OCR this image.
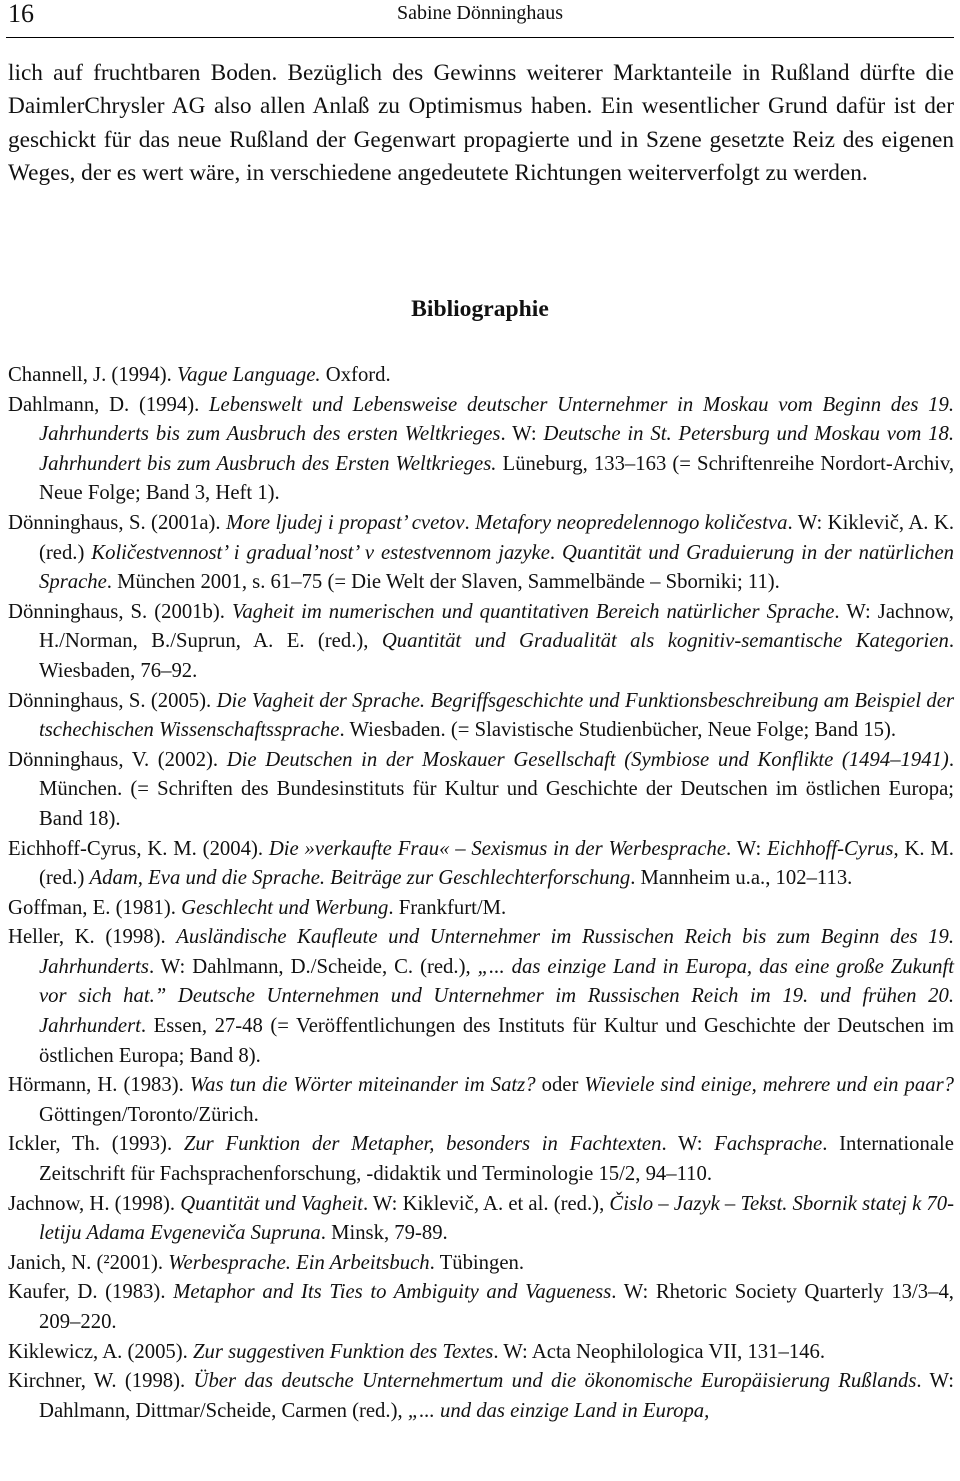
16	Sabine Dönninghaus

lich auf fruchtbaren Boden. Bezüglich des Gewinns weiterer Marktanteile in Rußland dürfte die DaimlerChrysler AG also allen Anlaß zu Optimismus haben. Ein wesentlicher Grund dafür ist der geschickt für das neue Rußland der Gegenwart propagierte und in Szene gesetzte Reiz des eigenen Weges, der es wert wäre, in verschiedene angedeutete Richtungen weiterverfolgt zu werden.

Bibliographie

Channell, J. (1994). Vague Language. Oxford.

Dahlmann, D. (1994). Lebenswelt und Lebensweise deutscher Unternehmer in Moskau vom Beginn des 19. Jahrhunderts bis zum Ausbruch des ersten Weltkrieges. W: Deutsche in St. Petersburg und Moskau vom 18. Jahrhundert bis zum Ausbruch des Ersten Weltkrieges. Lüneburg, 133–163 (= Schriftenreihe Nordort-Archiv, Neue Folge; Band 3, Heft 1).

Dönninghaus, S. (2001a). More ljudej i propast’ cvetov. Metafory neopredelennogo količestva. W: Kiklevič, A. K. (red.) Količestvennost’ i gradual’nost’ v estestvennom jazyke. Quantität und Graduierung in der natürlichen Sprache. München 2001, s. 61–75 (= Die Welt der Slaven, Sammelbände – Sborniki; 11).

Dönninghaus, S. (2001b). Vagheit im numerischen und quantitativen Bereich natürlicher Sprache. W: Jachnow, H./Norman, B./Suprun, A. E. (red.), Quantität und Gradualität als kognitiv-semantische Kategorien. Wiesbaden, 76–92.

Dönninghaus, S. (2005). Die Vagheit der Sprache. Begriffsgeschichte und Funktionsbeschreibung am Beispiel der tschechischen Wissenschaftssprache. Wiesbaden. (= Slavistische Studienbücher, Neue Folge; Band 15).

Dönninghaus, V. (2002). Die Deutschen in der Moskauer Gesellschaft (Symbiose und Konflikte (1494–1941). München. (= Schriften des Bundesinstituts für Kultur und Geschichte der Deutschen im östlichen Europa; Band 18).

Eichhoff-Cyrus, K. M. (2004). Die »verkaufte Frau« – Sexismus in der Werbesprache. W: Eichhoff-Cyrus, K. M. (red.) Adam, Eva und die Sprache. Beiträge zur Geschlechterforschung. Mannheim u.a., 102–113.

Goffman, E. (1981). Geschlecht und Werbung. Frankfurt/M.

Heller, K. (1998). Ausländische Kaufleute und Unternehmer im Russischen Reich bis zum Beginn des 19. Jahrhunderts. W: Dahlmann, D./Scheide, C. (red.), „... das einzige Land in Europa, das eine große Zukunft vor sich hat.” Deutsche Unternehmen und Unternehmer im Russischen Reich im 19. und frühen 20. Jahrhundert. Essen, 27-48 (= Veröffentlichungen des Instituts für Kultur und Geschichte der Deutschen im östlichen Europa; Band 8).

Hörmann, H. (1983). Was tun die Wörter miteinander im Satz? oder Wieviele sind einige, mehrere und ein paar? Göttingen/Toronto/Zürich.

Ickler, Th. (1993). Zur Funktion der Metapher, besonders in Fachtexten. W: Fachsprache. Internationale Zeitschrift für Fachsprachenforschung, -didaktik und Terminologie 15/2, 94–110.

Jachnow, H. (1998). Quantität und Vagheit. W: Kiklevič, A. et al. (red.), Čislo – Jazyk – Tekst. Sbornik statej k 70-letiju Adama Evgeneviča Supruna. Minsk, 79-89.

Janich, N. (²2001). Werbesprache. Ein Arbeitsbuch. Tübingen.

Kaufer, D. (1983). Metaphor and Its Ties to Ambiguity and Vagueness. W: Rhetoric Society Quarterly 13/3–4, 209–220.

Kiklewicz, A. (2005). Zur suggestiven Funktion des Textes. W: Acta Neophilologica VII, 131–146.

Kirchner, W. (1998). Über das deutsche Unternehmertum und die ökonomische Europäisierung Rußlands. W: Dahlmann, Dittmar/Scheide, Carmen (red.), „... und das einzige Land in Europa,
